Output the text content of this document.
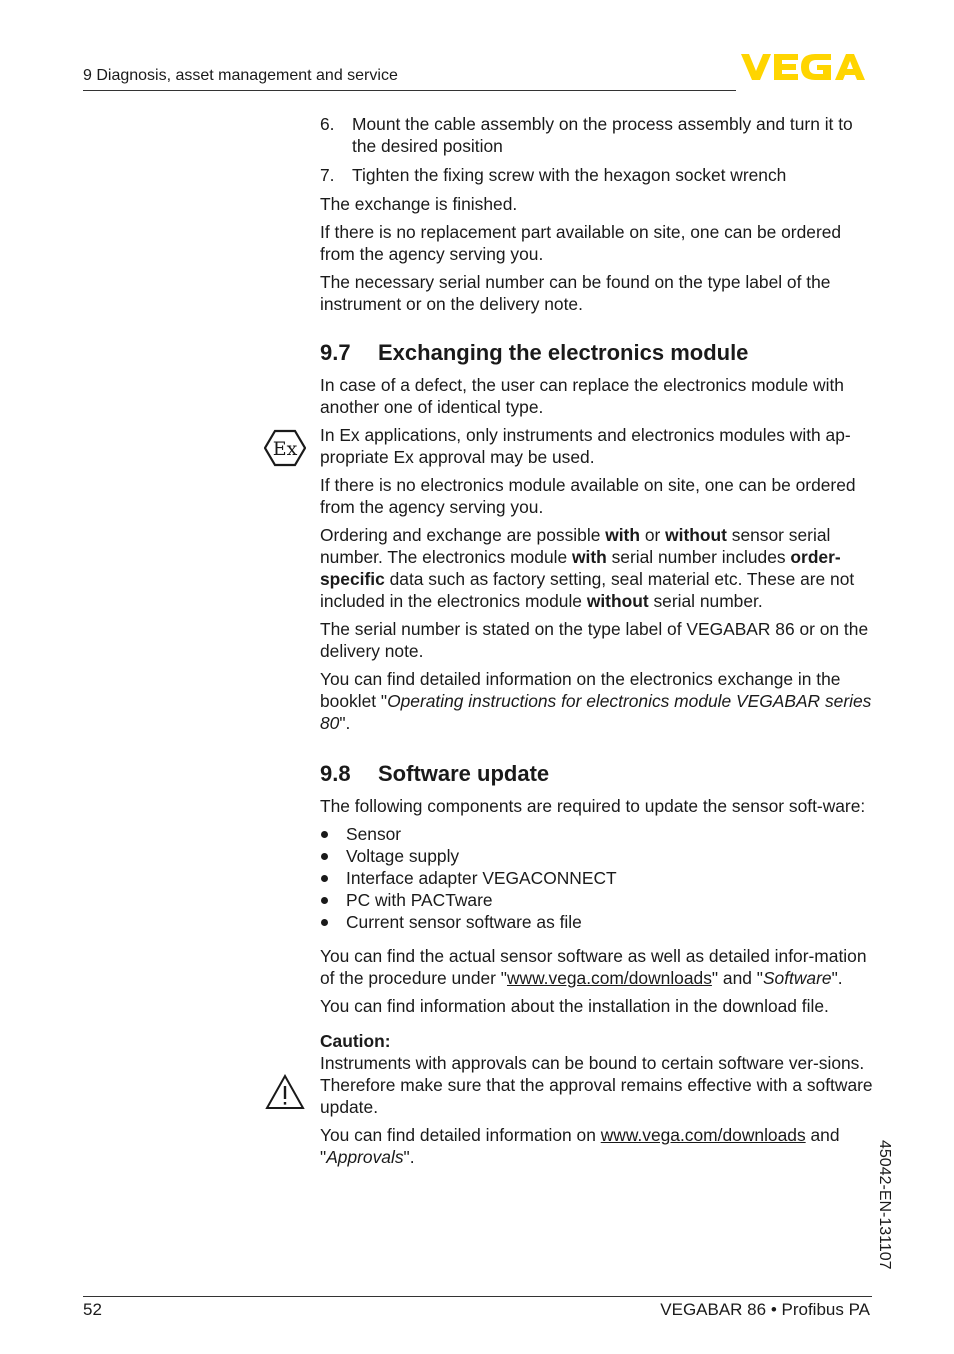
9 Diagnosis, asset management and service
Ex
6. Mount the cable assembly on the process assembly and turn it to the desired position
7. Tighten the fixing screw with the hexagon socket wrench

The exchange is finished.

If there is no replacement part available on site, one can be ordered from the agency serving you.

The necessary serial number can be found on the type label of the instrument or on the delivery note.

9.7 Exchanging the electronics module

In case of a defect, the user can replace the electronics module with another one of identical type.

In Ex applications, only instruments and electronics modules with ap-propriate Ex approval may be used.

If there is no electronics module available on site, one can be ordered from the agency serving you.

Ordering and exchange are possible with or without sensor serial number. The electronics module with serial number includes order-specific data such as factory setting, seal material etc. These are not included in the electronics module without serial number.

The serial number is stated on the type label of VEGABAR 86 or on the delivery note.

You can find detailed information on the electronics exchange in the booklet "Operating instructions for electronics module VEGABAR series 80".

9.8 Software update

The following components are required to update the sensor soft-ware:

Sensor
Voltage supply
Interface adapter VEGACONNECT
PC with PACTware
Current sensor software as file

You can find the actual sensor software as well as detailed infor-mation of the procedure under "www.vega.com/downloads" and "Software".

You can find information about the installation in the download file.

Caution:
Instruments with approvals can be bound to certain software ver-sions. Therefore make sure that the approval remains effective with a software update.

You can find detailed information on www.vega.com/downloads and "Approvals".	45042-EN-131107
52	VEGABAR 86 • Profibus PA
